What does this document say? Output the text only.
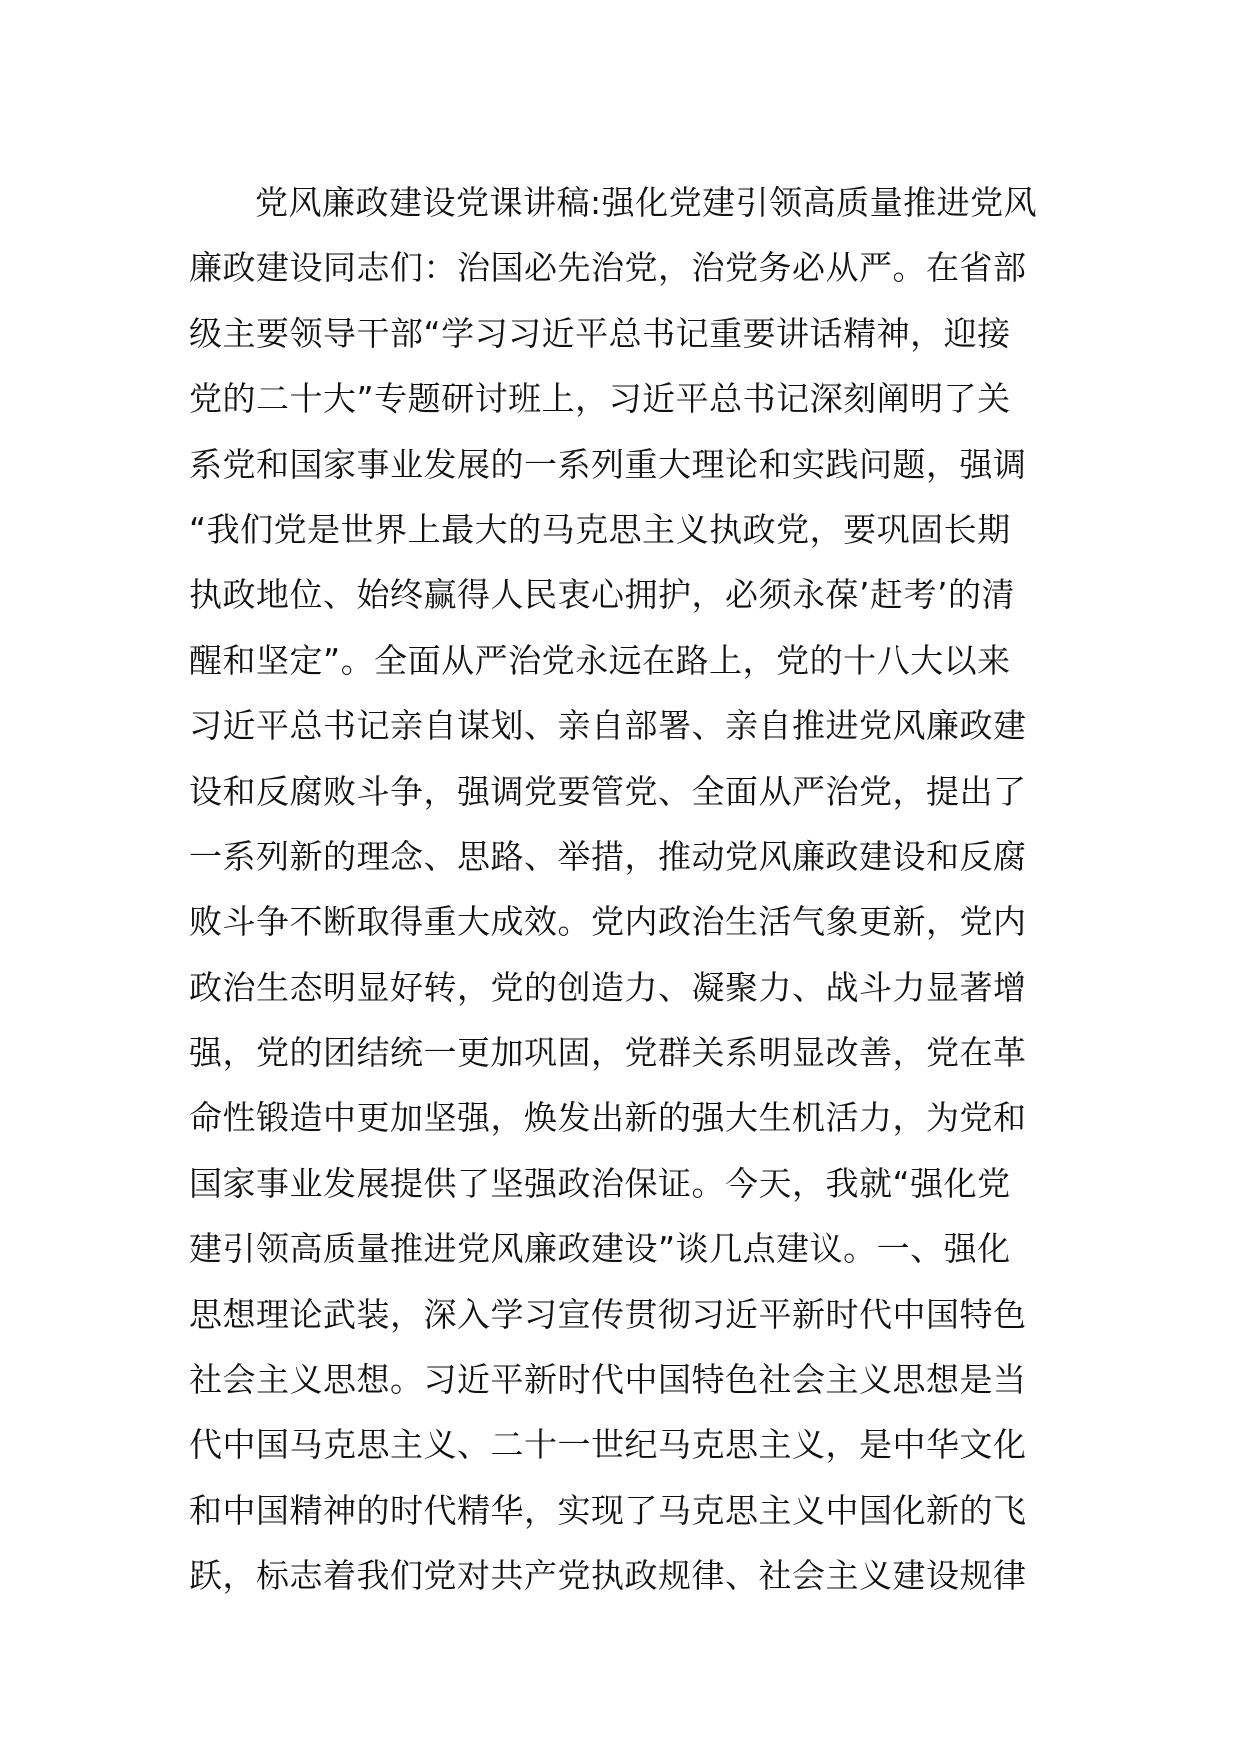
党风廉政建设党课讲稿:强化党建引领高质量推进党风
廉政建设同志们：治国必先治党，治党务必从严。在省部
级主要领导干部“学习习近平总书记重要讲话精神，迎接
党的二十大”专题研讨班上，习近平总书记深刻阐明了关
系党和国家事业发展的一系列重大理论和实践问题，强调
“我们党是世界上最大的马克思主义执政党，要巩固长期
执政地位、始终赢得人民衷心拥护，必须永葆’赶考’的清
醒和坚定”。全面从严治党永远在路上，党的十八大以来
习近平总书记亲自谋划、亲自部署、亲自推进党风廉政建
设和反腐败斗争，强调党要管党、全面从严治党，提出了
一系列新的理念、思路、举措，推动党风廉政建设和反腐
败斗争不断取得重大成效。党内政治生活气象更新，党内
政治生态明显好转，党的创造力、凝聚力、战斗力显著增
强，党的团结统一更加巩固，党群关系明显改善，党在革
命性锻造中更加坚强，焕发出新的强大生机活力，为党和
国家事业发展提供了坚强政治保证。今天，我就“强化党
建引领高质量推进党风廉政建设”谈几点建议。一、强化
思想理论武装，深入学习宣传贯彻习近平新时代中国特色
社会主义思想。习近平新时代中国特色社会主义思想是当
代中国马克思主义、二十一世纪马克思主义，是中华文化
和中国精神的时代精华，实现了马克思主义中国化新的飞
跃，标志着我们党对共产党执政规律、社会主义建设规律
